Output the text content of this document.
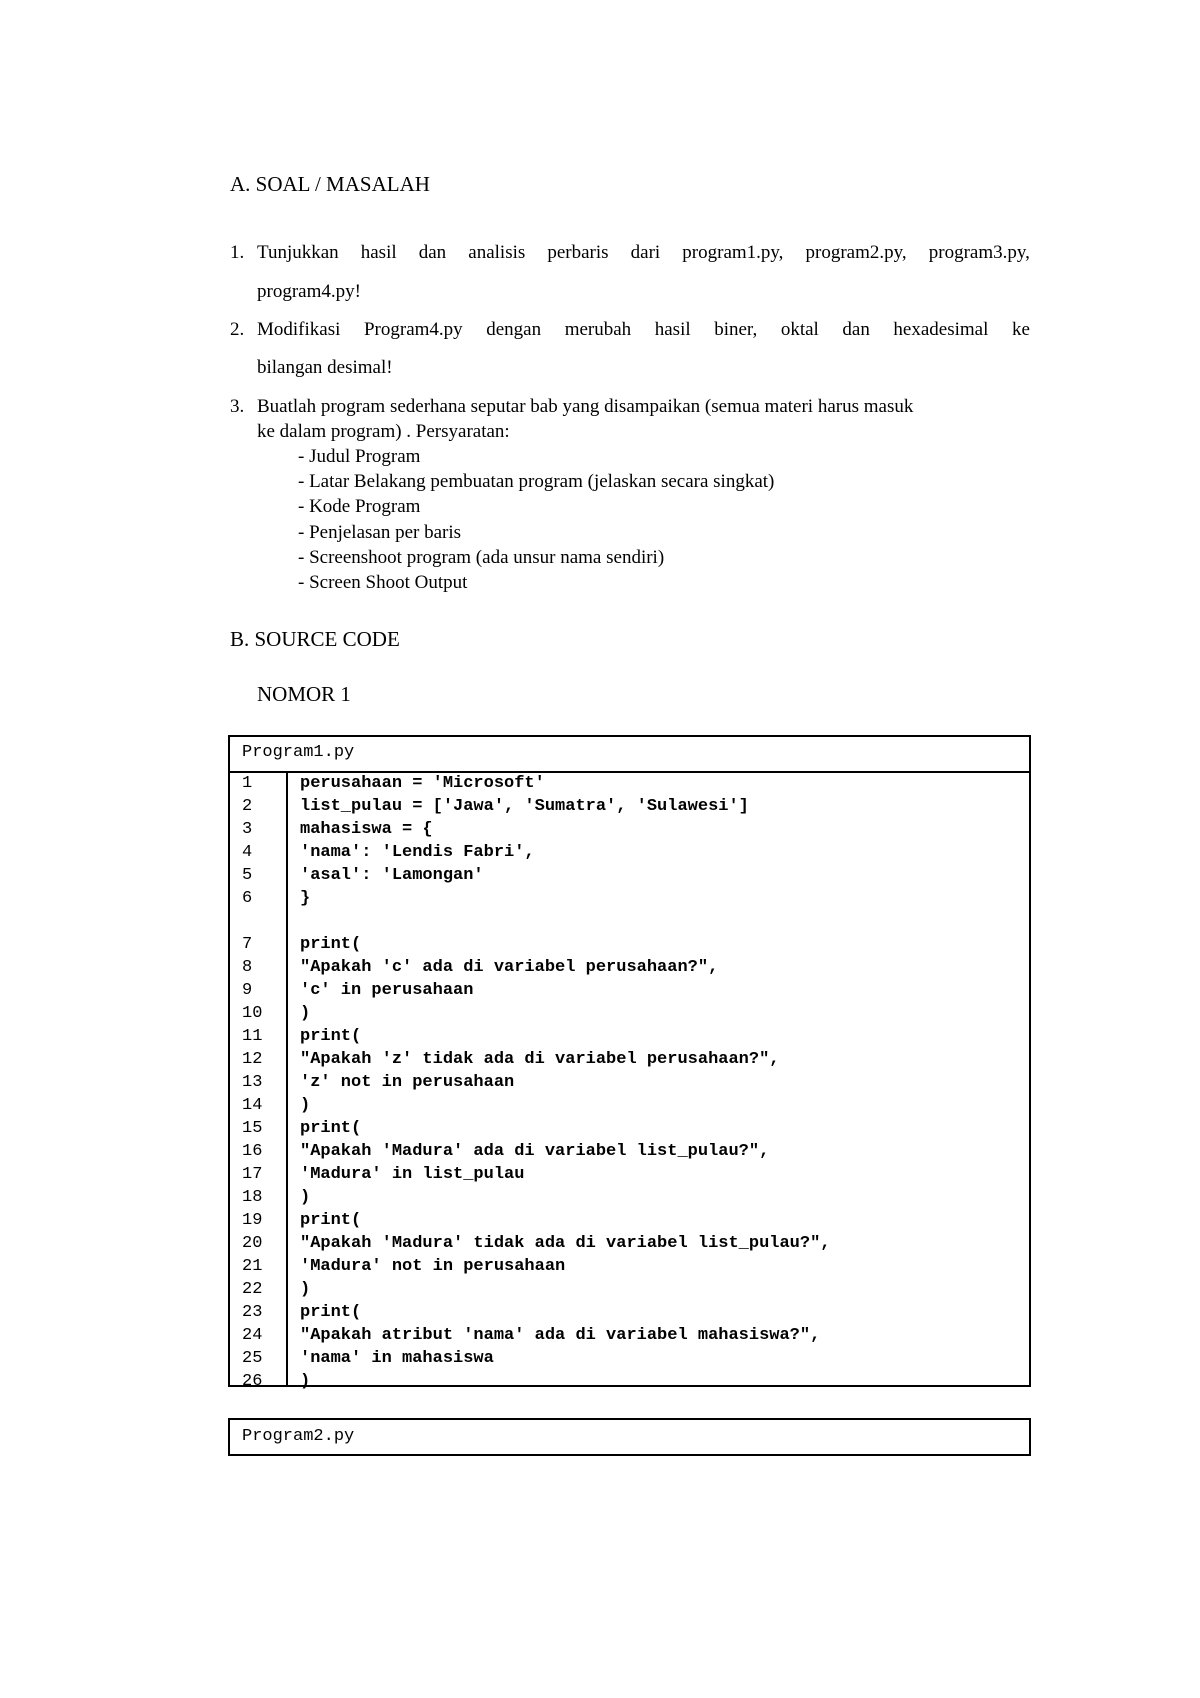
A. SOAL / MASALAH
1. Tunjukkan hasil dan analisis perbaris dari program1.py, program2.py, program3.py,
program4.py!
2. Modifikasi Program4.py dengan merubah hasil biner, oktal dan hexadesimal ke
bilangan desimal!
3. Buatlah program sederhana seputar bab yang disampaikan (semua materi harus masuk
ke dalam program) . Persyaratan:
- Judul Program
- Latar Belakang pembuatan program (jelaskan secara singkat)
- Kode Program
- Penjelasan per baris
- Screenshoot program (ada unsur nama sendiri)
- Screen Shoot Output
B. SOURCE CODE
NOMOR 1
Program1.py
1	perusahaan = 'Microsoft'
2	list_pulau = ['Jawa', 'Sumatra', 'Sulawesi']
3	mahasiswa = {
4	'nama': 'Lendis Fabri',
5	'asal': 'Lamongan'
6	}
7	print(
8	"Apakah 'c' ada di variabel perusahaan?",
9	'c' in perusahaan
10 )
11 print(
12 "Apakah 'z' tidak ada di variabel perusahaan?",
13 'z' not in perusahaan
14 )
15 print(
16 "Apakah 'Madura' ada di variabel list_pulau?",
17 'Madura' in list_pulau
18 )
19 print(
20 "Apakah 'Madura' tidak ada di variabel list_pulau?",
21 'Madura' not in perusahaan
22 )
23 print(
24 "Apakah atribut 'nama' ada di variabel mahasiswa?",
25 'nama' in mahasiswa
26 )
Program2.py
